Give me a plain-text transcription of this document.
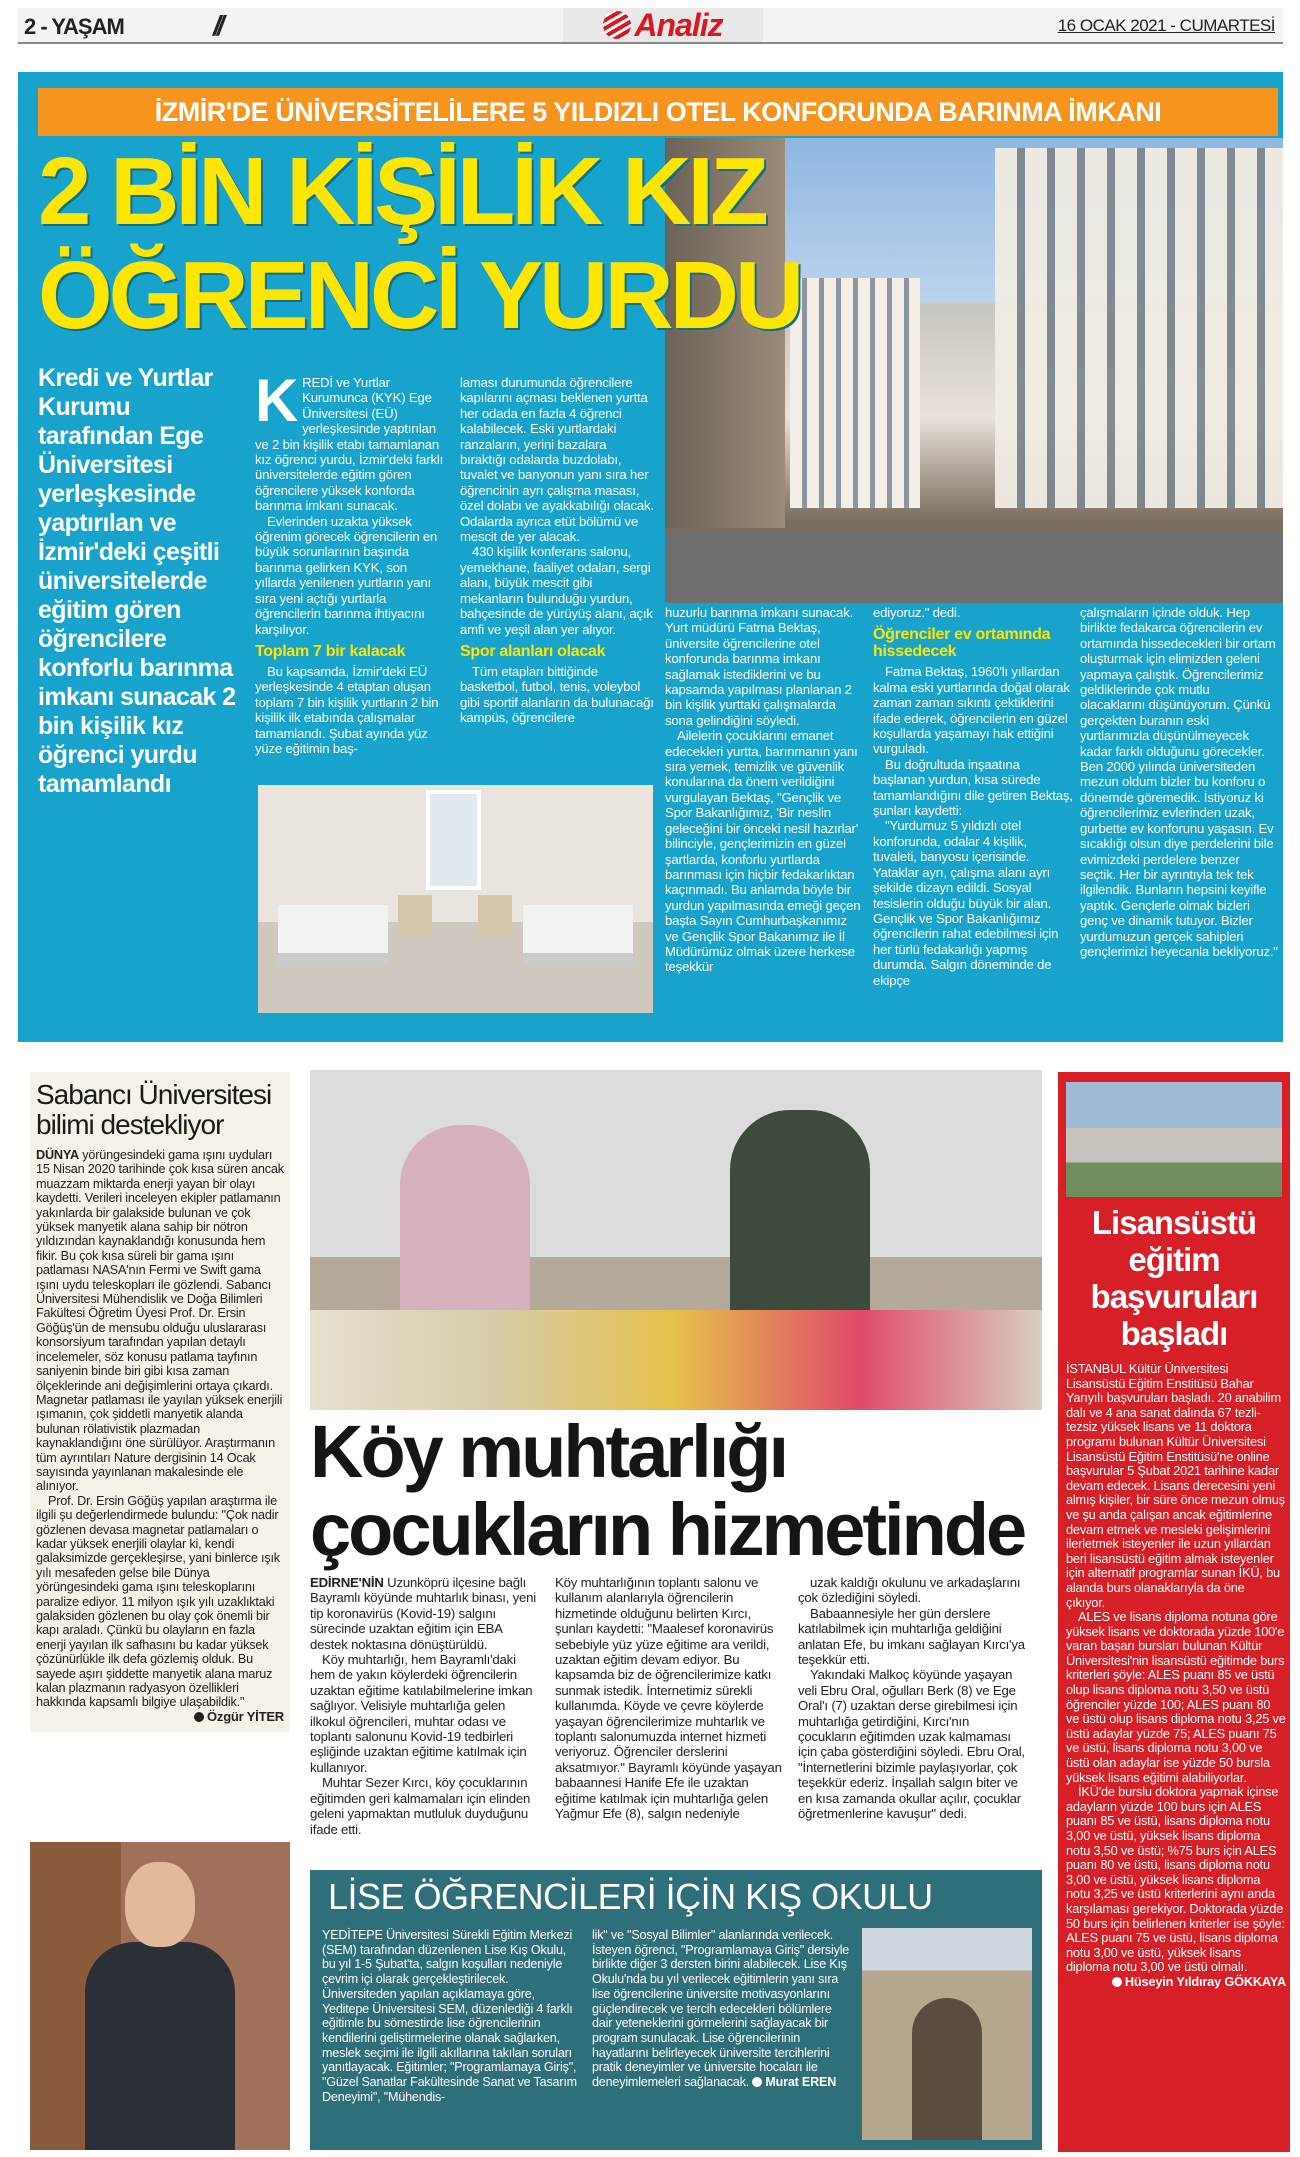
2 - YAŞAM	//	Analiz	16 OCAK 2021 - CUMARTESİ
İZMİR'DE ÜNİVERSİTELİLERE 5 YILDIZLI OTEL KONFORUNDA BARINMA İMKANI
2 BİN KİŞİLİK KIZ
ÖĞRENCİ YURDU
Kredi ve Yurtlar Kurumu tarafından Ege Üniversitesi yerleşkesinde yaptırılan ve İzmir'deki çeşitli üniversitelerde eğitim gören öğrencilere konforlu barınma imkanı sunacak 2 bin kişilik kız öğrenci yurdu tamamlandı

KREDİ ve Yurtlar Kurumunca (KYK) Ege Üniversitesi (EÜ) yerleşkesinde yaptırılan ve 2 bin kişilik etabı tamamlanan kız öğrenci yurdu, İzmir'deki farklı üniversitelerde eğitim gören öğrencilere yüksek konforda barınma imkanı sunacak.

Evlerinden uzakta yüksek öğrenim görecek öğrencilerin en büyük sorunlarının başında barınma gelirken KYK, son yıllarda yenilenen yurtların yanı sıra yeni açtığı yurtlarla öğrencilerin barınma ihtiyacını karşılıyor.

Toplam 7 bir kalacak

Bu kapsamda, İzmir'deki EÜ yerleşkesinde 4 etaptan oluşan toplam 7 bin kişilik yurtların 2 bin kişilik ilk etabında çalışmalar tamamlandı. Şubat ayında yüz yüze eğitimin baş-

laması durumunda öğrencilere kapılarını açması beklenen yurtta her odada en fazla 4 öğrenci kalabilecek. Eski yurtlardaki ranzaların, yerini bazalara bıraktığı odalarda buzdolabı, tuvalet ve banyonun yanı sıra her öğrencinin ayrı çalışma masası, özel dolabı ve ayakkabılığı olacak. Odalarda ayrıca etüt bölümü ve mescit de yer alacak.

430 kişilik konferans salonu, yemekhane, faaliyet odaları, sergi alanı, büyük mescit gibi mekanların bulunduğu yurdun, bahçesinde de yürüyüş alanı, açık amfi ve yeşil alan yer alıyor.

Spor alanları olacak

Tüm etapları bittiğinde basketbol, futbol, tenis, voleybol gibi sportif alanların da bulunacağı kampüs, öğrencilere

huzurlu barınma imkanı sunacak. Yurt müdürü Fatma Bektaş, üniversite öğrencilerine otel konforunda barınma imkanı sağlamak istediklerini ve bu kapsamda yapılması planlanan 2 bin kişilik yurttaki çalışmalarda sona gelindiğini söyledi.

Ailelerin çocuklarını emanet edecekleri yurtta, barınmanın yanı sıra yemek, temizlik ve güvenlik konularına da önem verildiğini vurgulayan Bektaş, "Gençlik ve Spor Bakanlığımız, 'Bir neslin geleceğini bir önceki nesil hazırlar' bilinciyle, gençlerimizin en güzel şartlarda, konforlu yurtlarda barınması için hiçbir fedakarlıktan kaçınmadı. Bu anlamda böyle bir yurdun yapılmasında emeği geçen başta Sayın Cumhurbaşkanımız ve Gençlik Spor Bakanımız ile İl Müdürümüz olmak üzere herkese teşekkür

ediyoruz." dedi.

Öğrenciler ev ortamında hissedecek

Fatma Bektaş, 1960'lı yıllardan kalma eski yurtlarında doğal olarak zaman zaman sıkıntı çektiklerini ifade ederek, öğrencilerin en güzel koşullarda yaşamayı hak ettiğini vurguladı.

Bu doğrultuda inşaatına başlanan yurdun, kısa sürede tamamlandığını dile getiren Bektaş, şunları kaydetti:

"Yurdumuz 5 yıldızlı otel konforunda, odalar 4 kişilik, tuvaleti, banyosu içerisinde. Yataklar ayrı, çalışma alanı ayrı şekilde dizayn edildi. Sosyal tesislerin olduğu büyük bir alan. Gençlik ve Spor Bakanlığımız öğrencilerin rahat edebilmesi için her türlü fedakarlığı yapmış durumda. Salgın döneminde de ekipçe

çalışmaların içinde olduk. Hep birlikte fedakarca öğrencilerin ev ortamında hissedecekleri bir ortam oluşturmak için elimizden geleni yapmaya çalıştık. Öğrencilerimiz geldiklerinde çok mutlu olacaklarını düşünüyorum. Çünkü gerçekten buranın eski yurtlarımızla düşünülmeyecek kadar farklı olduğunu görecekler. Ben 2000 yılında üniversiteden mezun oldum bizler bu konforu o dönemde göremedik. İstiyoruz ki öğrencilerimiz evlerinden uzak, gurbette ev konforunu yaşasın. Ev sıcaklığı olsun diye perdelerini bile evimizdeki perdelere benzer seçtik. Her bir ayrıntıyla tek tek ilgilendik. Bunların hepsini keyifle yaptık. Gençlerle olmak bizleri genç ve dinamik tutuyor. Bizler yurdumuzun gerçek sahipleri gençlerimizi heyecanla bekliyoruz."

Sabancı Üniversitesi bilimi destekliyor

DÜNYA yörüngesindeki gama ışını uyduları 15 Nisan 2020 tarihinde çok kısa süren ancak muazzam miktarda enerji yayan bir olayı kaydetti. Verileri inceleyen ekipler patlamanın yakınlarda bir galakside bulunan ve çok yüksek manyetik alana sahip bir nötron yıldızından kaynaklandığı konusunda hem fikir. Bu çok kısa süreli bir gama ışını patlaması NASA'nın Fermi ve Swift gama ışını uydu teleskopları ile gözlendi. Sabancı Üniversitesi Mühendislik ve Doğa Bilimleri Fakültesi Öğretim Üyesi Prof. Dr. Ersin Göğüş'ün de mensubu olduğu uluslararası konsorsiyum tarafından yapılan detaylı incelemeler, söz konusu patlama tayfının saniyenin binde biri gibi kısa zaman ölçeklerinde ani değişimlerini ortaya çıkardı. Magnetar patlaması ile yayılan yüksek enerjili ışımanın, çok şiddetli manyetik alanda bulunan rölativistik plazmadan kaynaklandığını öne sürülüyor. Araştırmanın tüm ayrıntıları Nature dergisinin 14 Ocak sayısında yayınlanan makalesinde ele alınıyor.

Prof. Dr. Ersin Göğüş yapılan araştırma ile ilgili şu değerlendirmede bulundu: "Çok nadir gözlenen devasa magnetar patlamaları o kadar yüksek enerjili olaylar ki, kendi galaksimizde gerçekleşirse, yani binlerce ışık yılı mesafeden gelse bile Dünya yörüngesindeki gama ışını teleskoplarını paralize ediyor. 11 milyon ışık yılı uzaklıktaki galaksiden gözlenen bu olay çok önemli bir kapı araladı. Çünkü bu olayların en fazla enerji yayılan ilk safhasını bu kadar yüksek çözünürlükle ilk defa gözlemiş olduk. Bu sayede aşırı şiddette manyetik alana maruz kalan plazmanın radyasyon özellikleri hakkında kapsamlı bilgiye ulaşabildik."

Özgür YİTER
Köy muhtarlığı
çocukların hizmetinde

EDİRNE'NİN Uzunköprü ilçesine bağlı Bayramlı köyünde muhtarlık binası, yeni tip koronavirüs (Kovid-19) salgını sürecinde uzaktan eğitim için EBA destek noktasına dönüştürüldü.

Köy muhtarlığı, hem Bayramlı'daki hem de yakın köylerdeki öğrencilerin uzaktan eğitime katılabilmelerine imkan sağlıyor. Velisiyle muhtarlığa gelen ilkokul öğrencileri, muhtar odası ve toplantı salonunu Kovid-19 tedbirleri eşliğinde uzaktan eğitime katılmak için kullanıyor.

Muhtar Sezer Kırcı, köy çocuklarının eğitimden geri kalmamaları için elinden geleni yapmaktan mutluluk duyduğunu ifade etti.

Köy muhtarlığının toplantı salonu ve kullanım alanlarıyla öğrencilerin hizmetinde olduğunu belirten Kırcı, şunları kaydetti: "Maalesef koronavirüs sebebiyle yüz yüze eğitime ara verildi, uzaktan eğitim devam ediyor. Bu kapsamda biz de öğrencilerimize katkı sunmak istedik. İnternetimiz sürekli kullanımda. Köyde ve çevre köylerde yaşayan öğrencilerimize muhtarlık ve toplantı salonumuzda internet hizmeti veriyoruz. Öğrenciler derslerini aksatmıyor." Bayramlı köyünde yaşayan babaannesi Hanife Efe ile uzaktan eğitime katılmak için muhtarlığa gelen Yağmur Efe (8), salgın nedeniyle

uzak kaldığı okulunu ve arkadaşlarını çok özlediğini söyledi.

Babaannesiyle her gün derslere katılabilmek için muhtarlığa geldiğini anlatan Efe, bu imkanı sağlayan Kırcı'ya teşekkür etti.

Yakındaki Malkoç köyünde yaşayan veli Ebru Oral, oğulları Berk (8) ve Ege Oral'ı (7) uzaktan derse girebilmesi için muhtarlığa getirdiğini, Kırcı'nın çocukların eğitimden uzak kalmaması için çaba gösterdiğini söyledi. Ebru Oral, "İnternetlerini bizimle paylaşıyorlar, çok teşekkür ederiz. İnşallah salgın biter ve en kısa zamanda okullar açılır, çocuklar öğretmenlerine kavuşur" dedi.

LİSE ÖĞRENCİLERİ İÇİN KIŞ OKULU

YEDİTEPE Üniversitesi Sürekli Eğitim Merkezi (SEM) tarafından düzenlenen Lise Kış Okulu, bu yıl 1-5 Şubat'ta, salgın koşulları nedeniyle çevrim içi olarak gerçekleştirilecek. Üniversiteden yapılan açıklamaya göre, Yeditepe Üniversitesi SEM, düzenlediği 4 farklı eğitimle bu sömestirde lise öğrencilerinin kendilerini geliştirmelerine olanak sağlarken, meslek seçimi ile ilgili akıllarına takılan soruları yanıtlayacak. Eğitimler; "Programlamaya Giriş", "Güzel Sanatlar Fakültesinde Sanat ve Tasarım Deneyimi", "Mühendis-

lik" ve "Sosyal Bilimler" alanlarında verilecek. İsteyen öğrenci, "Programlamaya Giriş" dersiyle birlikte diğer 3 dersten birini alabilecek. Lise Kış Okulu'nda bu yıl verilecek eğitimlerin yanı sıra lise öğrencilerine üniversite motivasyonlarını güçlendirecek ve tercih edecekleri bölümlere dair yeteneklerini görmelerini sağlayacak bir program sunulacak. Lise öğrencilerinin hayatlarını belirleyecek üniversite tercihlerini pratik deneyimler ve üniversite hocaları ile deneyimlemeleri sağlanacak. Murat EREN

Lisansüstü eğitim başvuruları başladı

İSTANBUL Kültür Üniversitesi Lisansüstü Eğitim Enstitüsü Bahar Yarıyılı başvuruları başladı. 20 anabilim dalı ve 4 ana sanat dalında 67 tezli-tezsiz yüksek lisans ve 11 doktora programı bulunan Kültür Üniversitesi Lisansüstü Eğitim Enstitüsü'ne online başvurular 5 Şubat 2021 tarihine kadar devam edecek. Lisans derecesini yeni almış kişiler, bir süre önce mezun olmuş ve şu anda çalışan ancak eğitimlerine devam etmek ve mesleki gelişimlerini ilerletmek isteyenler ile uzun yıllardan beri lisansüstü eğitim almak isteyenler için alternatif programlar sunan İKÜ, bu alanda burs olanaklarıyla da öne çıkıyor.

ALES ve lisans diploma notuna göre yüksek lisans ve doktorada yüzde 100'e varan başarı bursları bulunan Kültür Üniversitesi'nin lisansüstü eğitimde burs kriterleri şöyle: ALES puanı 85 ve üstü olup lisans diploma notu 3,50 ve üstü öğrenciler yüzde 100; ALES puanı 80 ve üstü olup lisans diploma notu 3,25 ve üstü adaylar yüzde 75; ALES puanı 75 ve üstü, lisans diploma notu 3,00 ve üstü olan adaylar ise yüzde 50 bursla yüksek lisans eğitimi alabiliyorlar.

İKÜ'de burslu doktora yapmak içinse adayların yüzde 100 burs için ALES puanı 85 ve üstü, lisans diploma notu 3,00 ve üstü, yüksek lisans diploma notu 3,50 ve üstü; %75 burs için ALES puanı 80 ve üstü, lisans diploma notu 3,00 ve üstü, yüksek lisans diploma notu 3,25 ve üstü kriterlerini aynı anda karşılaması gerekiyor. Doktorada yüzde 50 burs için belirlenen kriterler ise şöyle: ALES puanı 75 ve üstü, lisans diploma notu 3,00 ve üstü, yüksek lisans diploma notu 3,00 ve üstü olmalı.

Hüseyin Yıldıray GÖKKAYA
